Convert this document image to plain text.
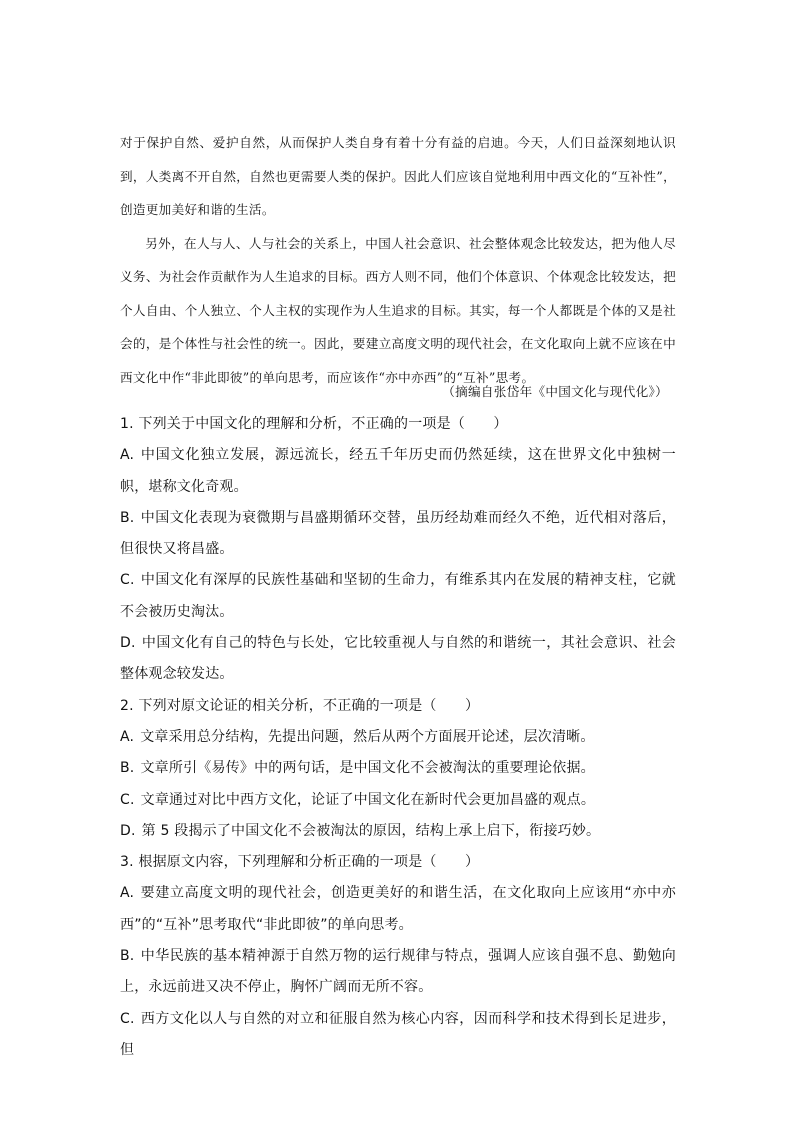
对于保护自然、爱护自然，从而保护人类自身有着十分有益的启迪。今天，人们日益深刻地认识到，人类离不开自然，自然也更需要人类的保护。因此人们应该自觉地利用中西文化的“互补性”，创造更加美好和谐的生活。

另外，在人与人、人与社会的关系上，中国人社会意识、社会整体观念比较发达，把为他人尽义务、为社会作贡献作为人生追求的目标。西方人则不同，他们个体意识、个体观念比较发达，把个人自由、个人独立、个人主权的实现作为人生追求的目标。其实，每一个人都既是个体的又是社会的，是个体性与社会性的统一。因此，要建立高度文明的现代社会，在文化取向上就不应该在中西文化中作“非此即彼”的单向思考，而应该作“亦中亦西”的“互补”思考。

（摘编自张岱年《中国文化与现代化》）

1. 下列关于中国文化的理解和分析，不正确的一项是（　　）

A. 中国文化独立发展，源远流长，经五千年历史而仍然延续，这在世界文化中独树一帜，堪称文化奇观。

B. 中国文化表现为衰微期与昌盛期循环交替，虽历经劫难而经久不绝，近代相对落后，但很快又将昌盛。

C. 中国文化有深厚的民族性基础和坚韧的生命力，有维系其内在发展的精神支柱，它就不会被历史淘汰。

D. 中国文化有自己的特色与长处，它比较重视人与自然的和谐统一，其社会意识、社会整体观念较发达。

2. 下列对原文论证的相关分析，不正确的一项是（　　）

A. 文章采用总分结构，先提出问题，然后从两个方面展开论述，层次清晰。

B. 文章所引《易传》中的两句话，是中国文化不会被淘汰的重要理论依据。

C. 文章通过对比中西方文化，论证了中国文化在新时代会更加昌盛的观点。

D. 第 5 段揭示了中国文化不会被淘汰的原因，结构上承上启下，衔接巧妙。

3. 根据原文内容，下列理解和分析正确的一项是（　　）

A. 要建立高度文明的现代社会，创造更美好的和谐生活，在文化取向上应该用“亦中亦西”的“互补”思考取代“非此即彼”的单向思考。

B. 中华民族的基本精神源于自然万物的运行规律与特点，强调人应该自强不息、勤勉向上，永远前进又决不停止，胸怀广阔而无所不容。

C. 西方文化以人与自然的对立和征服自然为核心内容，因而科学和技术得到长足进步，但
